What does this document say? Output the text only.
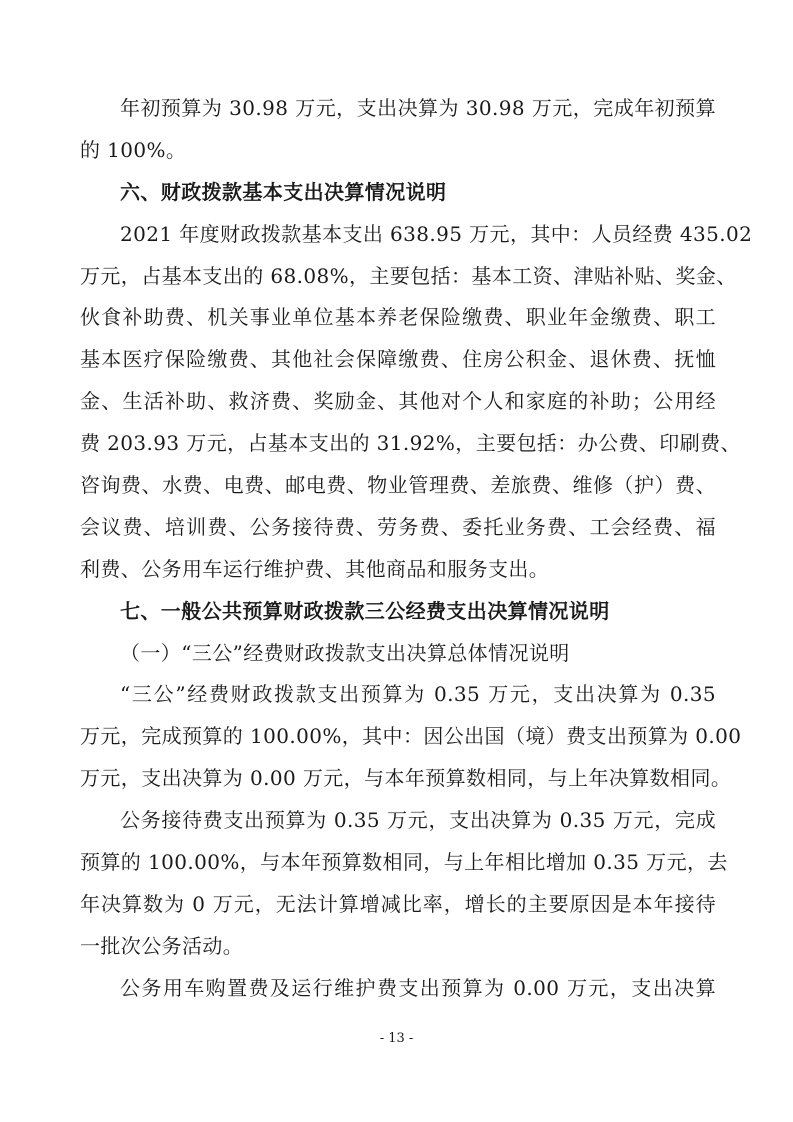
年初预算为 30.98 万元，支出决算为 30.98 万元，完成年初预算
的 100%。
六、财政拨款基本支出决算情况说明
2021 年度财政拨款基本支出 638.95 万元，其中：人员经费 435.02
万元，占基本支出的 68.08%，主要包括：基本工资、津贴补贴、奖金、
伙食补助费、机关事业单位基本养老保险缴费、职业年金缴费、职工
基本医疗保险缴费、其他社会保障缴费、住房公积金、退休费、抚恤
金、生活补助、救济费、奖励金、其他对个人和家庭的补助；公用经
费 203.93 万元，占基本支出的 31.92%，主要包括：办公费、印刷费、
咨询费、水费、电费、邮电费、物业管理费、差旅费、维修（护）费、
会议费、培训费、公务接待费、劳务费、委托业务费、工会经费、福
利费、公务用车运行维护费、其他商品和服务支出。
七、一般公共预算财政拨款三公经费支出决算情况说明
（一）“三公”经费财政拨款支出决算总体情况说明
“三公”经费财政拨款支出预算为 0.35 万元，支出决算为 0.35
万元，完成预算的 100.00%，其中：因公出国（境）费支出预算为 0.00
万元，支出决算为 0.00 万元，与本年预算数相同，与上年决算数相同。
公务接待费支出预算为 0.35 万元，支出决算为 0.35 万元，完成
预算的 100.00%，与本年预算数相同，与上年相比增加 0.35 万元，去
年决算数为 0 万元，无法计算增减比率，增长的主要原因是本年接待
一批次公务活动。
公务用车购置费及运行维护费支出预算为 0.00 万元，支出决算
- 13 -
